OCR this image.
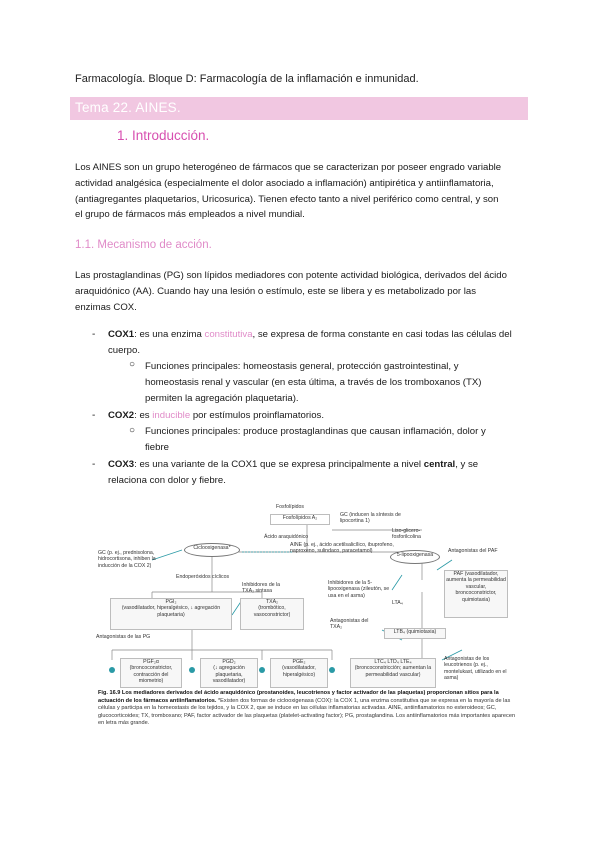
Farmacología. Bloque D: Farmacología de la inflamación e inmunidad.
Tema 22. AINES.
1. Introducción.
Los AINES son un grupo heterogéneo de fármacos que se caracterizan por poseer engrado variable
actividad analgésica (especialmente el dolor asociado a inflamación) antipirética y antiinflamatoria,
(antiagregantes plaquetarios, Uricosurica). Tienen efecto tanto a nivel periférico como central, y son
el grupo de fármacos más empleados a nivel mundial.
1.1. Mecanismo de acción.
Las prostaglandinas (PG) son lípidos mediadores con potente actividad biológica, derivados del ácido
araquidónico (AA). Cuando hay una lesión o estímulo, este se libera y es metabolizado por las
enzimas COX.
- COX1: es una enzima constitutiva, se expresa de forma constante en casi todas las células del
cuerpo.
○ Funciones principales: homeostasis general, protección gastrointestinal, y
homeostasis renal y vascular (en esta última, a través de los tromboxanos (TX)
permiten la agregación plaquetaria).
- COX2: es inducible por estímulos proinflamatorios.
○ Funciones principales: produce prostaglandinas que causan inflamación, dolor y
fiebre
- COX3: es una variante de la COX1 que se expresa principalmente a nivel central, y se
relaciona con dolor y fiebre.
Fosfolípidos
Fosfolípidos A₂	GC (inducen la síntesis de lipocortina 1)
Liso-glicero-fosforilcolina
Ácido araquidónico
Ciclooxigenasa*	AINE (p. ej., ácido acetilsalicílico, ibuprofeno, naproxeno, sulindaco, paracetamol)
5-lipooxigenasa
GC (p. ej., prednisolona, hidrocortisona, inhiben la inducción de la COX 2)
Endoperóxidos cíclicos
Inhibidores de la TXA₂ sintasa
Inhibidores de la 5-lipooxigenasa (zileutón, se usa en el asma)
Antagonistas del PAF
PAF (vasodilatador, aumenta la permeabilidad vascular, broncoconstrictor, quimiotaxia)
PGI₂
(vasodilatador, hiperalgésico, ↓ agregación plaquetaria)
TXA₂
(trombótico, vasoconstrictor)
LTA₄
Antagonistas del TXA₂
LTB₄ (quimiotaxia)
Antagonistas de las PG
PGF₂α
(broncoconstrictor, contracción del miometrio)
PGD₂
(↓ agregación plaquetaria, vasodilatador)
PGE₂
(vasodilatador, hiperalgésico)
LTC₄ LTD₄ LTE₄
(broncoconstricción; aumentan la permeabilidad vascular)
Antagonistas de los leucotrienos (p. ej., montelukast, utilizado en el asma)
Fig. 16.9 Los mediadores derivados del ácido araquidónico (prostanoides, leucotrienos y factor activador de las plaquetas) proporcionan sitios para la actuación de los fármacos antiinflamatorios. *Existen dos formas de ciclooxigenasa (COX): la COX 1, una enzima constitutiva que se expresa en la mayoría de las células y participa en la homeostasis de los tejidos, y la COX 2, que se induce en las células inflamatorias activadas. AINE, antiinflamatorios no esteroideos; GC, glucocorticoides; TX, tromboxano; PAF, factor activador de las plaquetas (platelet-activating factor); PG, prostaglandina. Los antiinflamatorios más importantes aparecen en letra más grande.
